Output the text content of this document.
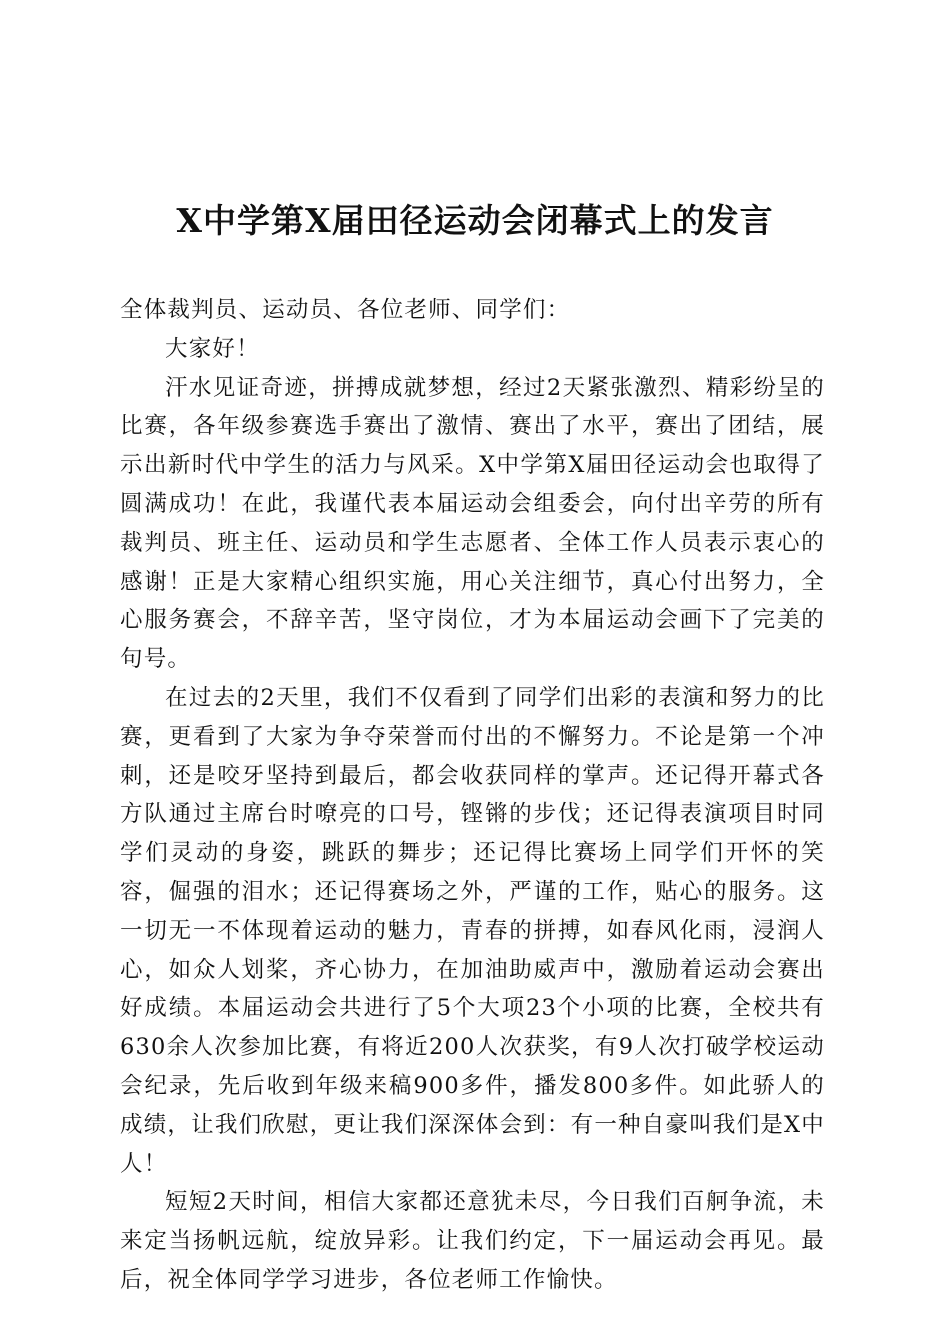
X中学第X届田径运动会闭幕式上的发言

全体裁判员、运动员、各位老师、同学们：

大家好！

汗水见证奇迹，拼搏成就梦想，经过2天紧张激烈、精彩纷呈的比赛，各年级参赛选手赛出了激情、赛出了水平，赛出了团结，展示出新时代中学生的活力与风采。X中学第X届田径运动会也取得了圆满成功！在此，我谨代表本届运动会组委会，向付出辛劳的所有裁判员、班主任、运动员和学生志愿者、全体工作人员表示衷心的感谢！正是大家精心组织实施，用心关注细节，真心付出努力，全心服务赛会，不辞辛苦，坚守岗位，才为本届运动会画下了完美的句号。

在过去的2天里，我们不仅看到了同学们出彩的表演和努力的比赛，更看到了大家为争夺荣誉而付出的不懈努力。不论是第一个冲刺，还是咬牙坚持到最后，都会收获同样的掌声。还记得开幕式各方队通过主席台时嘹亮的口号，铿锵的步伐；还记得表演项目时同学们灵动的身姿，跳跃的舞步；还记得比赛场上同学们开怀的笑容，倔强的泪水；还记得赛场之外，严谨的工作，贴心的服务。这一切无一不体现着运动的魅力，青春的拼搏，如春风化雨，浸润人心，如众人划桨，齐心协力，在加油助威声中，激励着运动会赛出好成绩。本届运动会共进行了5个大项23个小项的比赛，全校共有630余人次参加比赛，有将近200人次获奖，有9人次打破学校运动会纪录，先后收到年级来稿900多件，播发800多件。如此骄人的成绩，让我们欣慰，更让我们深深体会到：有一种自豪叫我们是X中人！

短短2天时间，相信大家都还意犹未尽，今日我们百舸争流，未来定当扬帆远航，绽放异彩。让我们约定，下一届运动会再见。最后，祝全体同学学习进步，各位老师工作愉快。
